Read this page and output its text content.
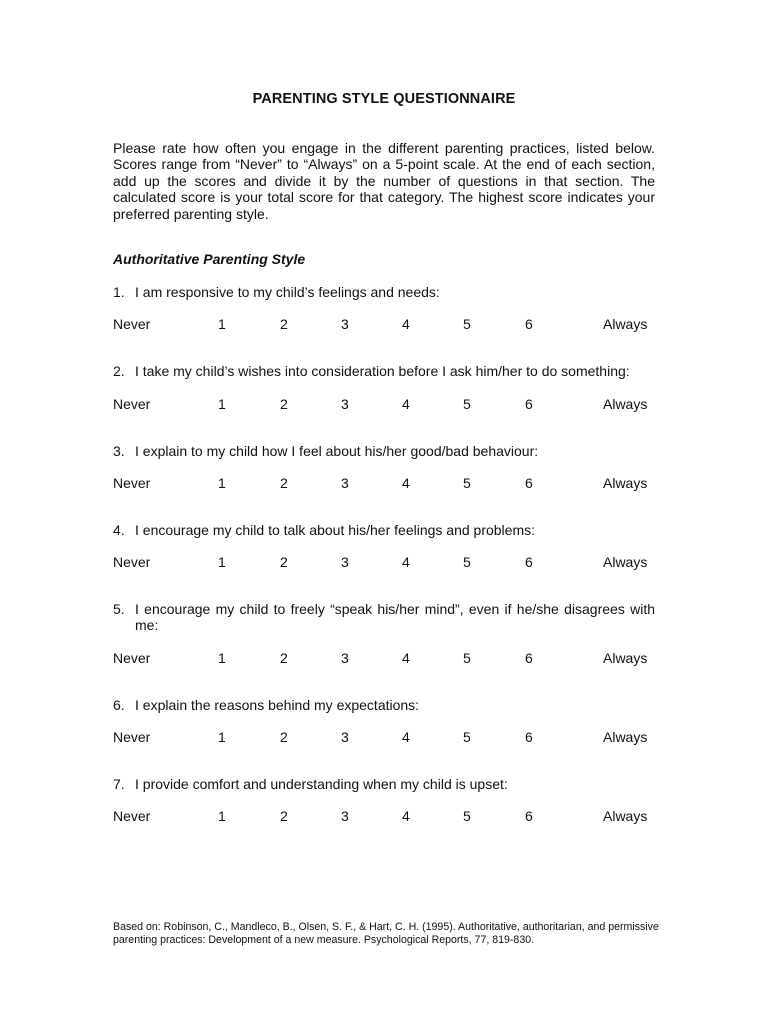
PARENTING STYLE QUESTIONNAIRE
Please rate how often you engage in the different parenting practices, listed below. Scores range from “Never” to “Always” on a 5-point scale. At the end of each section, add up the scores and divide it by the number of questions in that section. The calculated score is your total score for that category. The highest score indicates your preferred parenting style.
Authoritative Parenting Style
1. I am responsive to my child’s feelings and needs:
Never	1	2	3	4	5	6	Always
2. I take my child’s wishes into consideration before I ask him/her to do something:
Never	1	2	3	4	5	6	Always
3. I explain to my child how I feel about his/her good/bad behaviour:
Never	1	2	3	4	5	6	Always
4. I encourage my child to talk about his/her feelings and problems:
Never	1	2	3	4	5	6	Always
5. I encourage my child to freely “speak his/her mind”, even if he/she disagrees with me:
Never	1	2	3	4	5	6	Always
6. I explain the reasons behind my expectations:
Never	1	2	3	4	5	6	Always
7. I provide comfort and understanding when my child is upset:
Never	1	2	3	4	5	6	Always
Based on: Robinson, C., Mandleco, B., Olsen, S. F., & Hart, C. H. (1995). Authoritative, authoritarian, and permissive parenting practices: Development of a new measure. Psychological Reports, 77, 819-830.
